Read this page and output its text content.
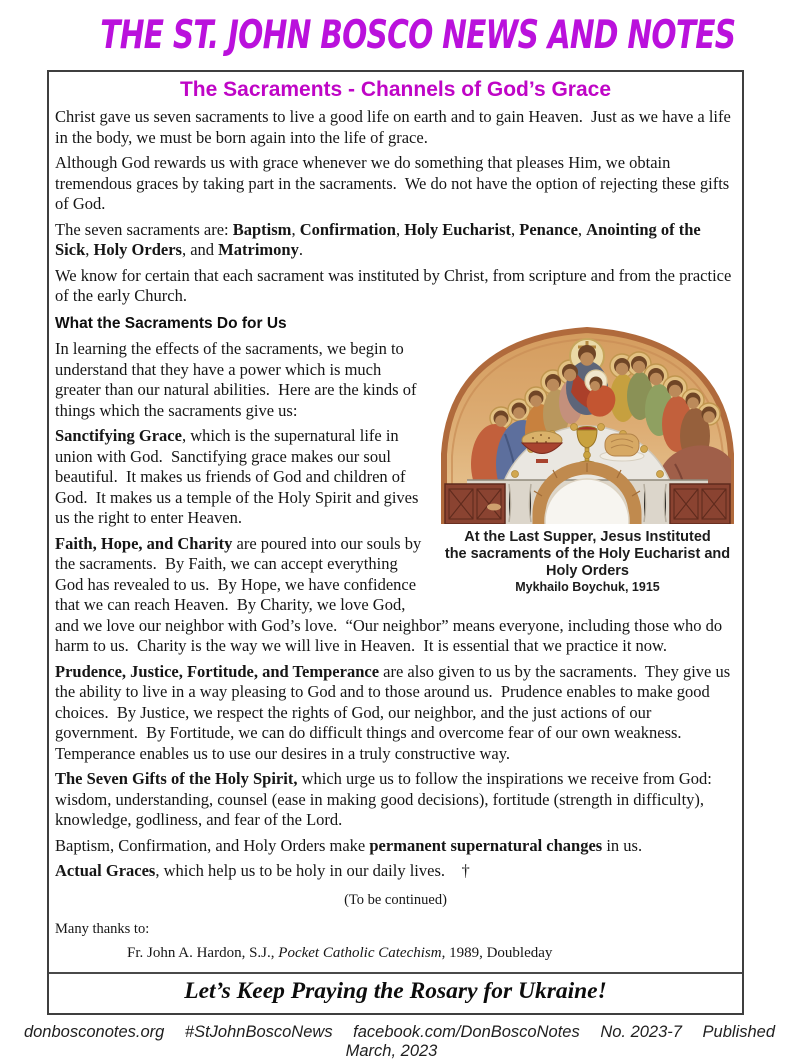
THE ST. JOHN BOSCO NEWS AND NOTES
The Sacraments - Channels of God’s Grace

Christ gave us seven sacraments to live a good life on earth and to gain Heaven.  Just as we have a life in the body, we must be born again into the life of grace.

Although God rewards us with grace whenever we do something that pleases Him, we obtain tremendous graces by taking part in the sacraments.  We do not have the option of rejecting these gifts of God.

The seven sacraments are: Baptism, Confirmation, Holy Eucharist, Penance, Anointing of the Sick, Holy Orders, and Matrimony.

We know for certain that each sacrament was instituted by Christ, from scripture and from the practice of the early Church.

At the Last Supper, Jesus Instituted
the sacraments of the Holy Eucharist and
Holy Orders
Mykhailo Boychuk, 1915
What the Sacraments Do for Us

In learning the effects of the sacraments, we begin to understand that they have a power which is much greater than our natural abilities.  Here are the kinds of things which the sacraments give us:

Sanctifying Grace, which is the supernatural life in union with God.  Sanctifying grace makes our soul beautiful.  It makes us friends of God and children of God.  It makes us a temple of the Holy Spirit and gives us the right to enter Heaven.

Faith, Hope, and Charity are poured into our souls by the sacraments.  By Faith, we can accept everything God has revealed to us.  By Hope, we have confidence that we can reach Heaven.  By Charity, we love God, and we love our neighbor with God’s love.  “Our neighbor” means everyone, including those who do harm to us.  Charity is the way we will live in Heaven.  It is essential that we practice it now.

Prudence, Justice, Fortitude, and Temperance are also given to us by the sacraments.  They give us the ability to live in a way pleasing to God and to those around us.  Prudence enables to make good choices.  By Justice, we respect the rights of God, our neighbor, and the just actions of our government.  By Fortitude, we can do difficult things and overcome fear of our own weakness.  Temperance enables us to use our desires in a truly constructive way.

The Seven Gifts of the Holy Spirit, which urge us to follow the inspirations we receive from God: wisdom, understanding, counsel (ease in making good decisions), fortitude (strength in difficulty), knowledge, godliness, and fear of the Lord.

Baptism, Confirmation, and Holy Orders make permanent supernatural changes in us.

Actual Graces, which help us to be holy in our daily lives.    †

(To be continued)

Many thanks to:

Fr. John A. Hardon, S.J., Pocket Catholic Catechism, 1989, Doubleday

Let’s Keep Praying the Rosary for Ukraine!
donbosconotes.org #StJohnBoscoNews facebook.com/DonBoscoNotes No. 2023-7 Published March, 2023
